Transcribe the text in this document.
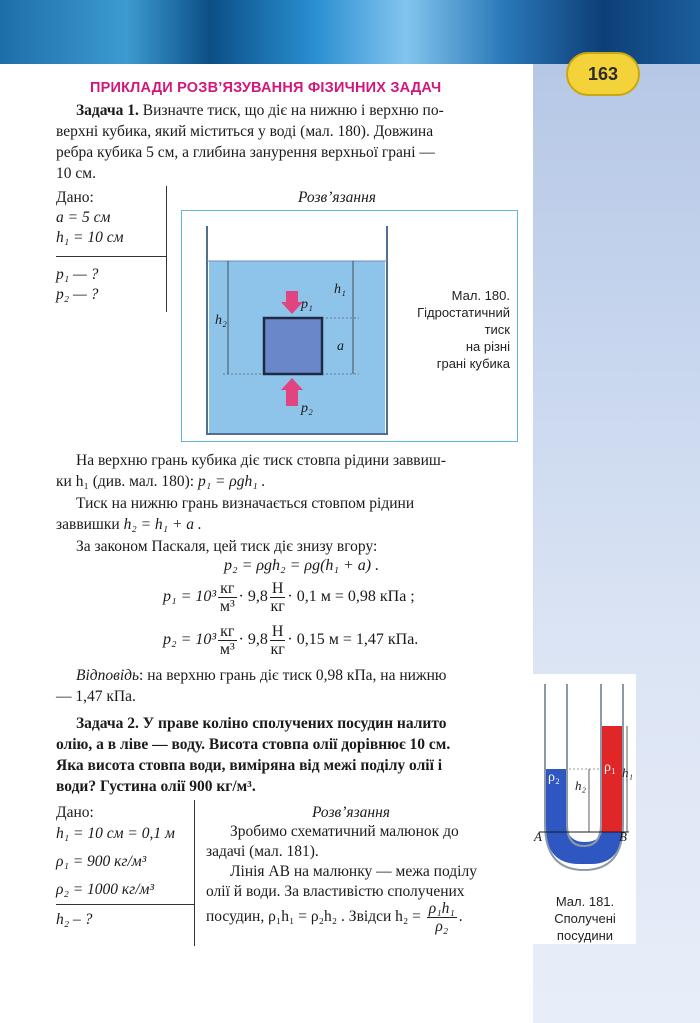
163
ПРИКЛАДИ РОЗВ’ЯЗУВАННЯ ФІЗИЧНИХ ЗАДАЧ
Задача 1. Визначте тиск, що діє на нижню і верхню по-
верхні кубика, який міститься у воді (мал. 180). Довжина
ребра кубика 5 см, а глибина занурення верхньої грані —
10 см.
Дано:
a = 5 см
h₁ = 10 см
p₁ — ?
p₂ — ?
Розв’язання
p₁
p₂
h₂
h₁
a
Мал. 180.
Гідростатичний
тиск
на різні
грані кубика
На верхню грань кубика діє тиск стовпа рідини заввиш-
ки h₁ (див. мал. 180): p₁ = ρgh₁ .
Тиск на нижню грань визначається стовпом рідини
заввишки h₂ = h₁ + a .
За законом Паскаля, цей тиск діє знизу вгору:
p₂ = ρgh₂ = ρg(h₁ + a) .
$p_1 = 10^3 \frac{кг}{\text{м³}} \cdot 9,8 \frac{Н}{кг} \cdot 0,1$ м = 0,98 кПа ;
$p_2 = 10^3 \frac{кг}{\text{м³}} \cdot 9,8 \frac{Н}{кг} \cdot 0,15$ м = 1,47 кПа.
Відповідь: на верхню грань діє тиск 0,98 кПа, на нижню
— 1,47 кПа.
Задача 2. У праве коліно сполучених посудин налито
олію, а в ліве — воду. Висота стовпа олії дорівнює 10 см.
Яка висота стовпа води, виміряна від межі поділу олії і
води? Густина олії 900 кг/м³.
Дано:
h₁ = 10 см = 0,1 м
ρ₁ = 900 кг/м³
ρ₂ = 1000 кг/м³
h₂ – ?
Розв’язання
Зробимо схематичний малюнок до
задачі (мал. 181).
Лінія AB на малюнку — межа поділу
олії й води. За властивістю сполучених
посудин, ρ₁h₁ = ρ₂h₂ . Звідси $h_2 = \frac{\text{ρ₁h₁}}{\text{ρ₂}}$ .
ρ₂
ρ₁
h₂
h₁
A	B
Мал. 181.
Сполучені
посудини
